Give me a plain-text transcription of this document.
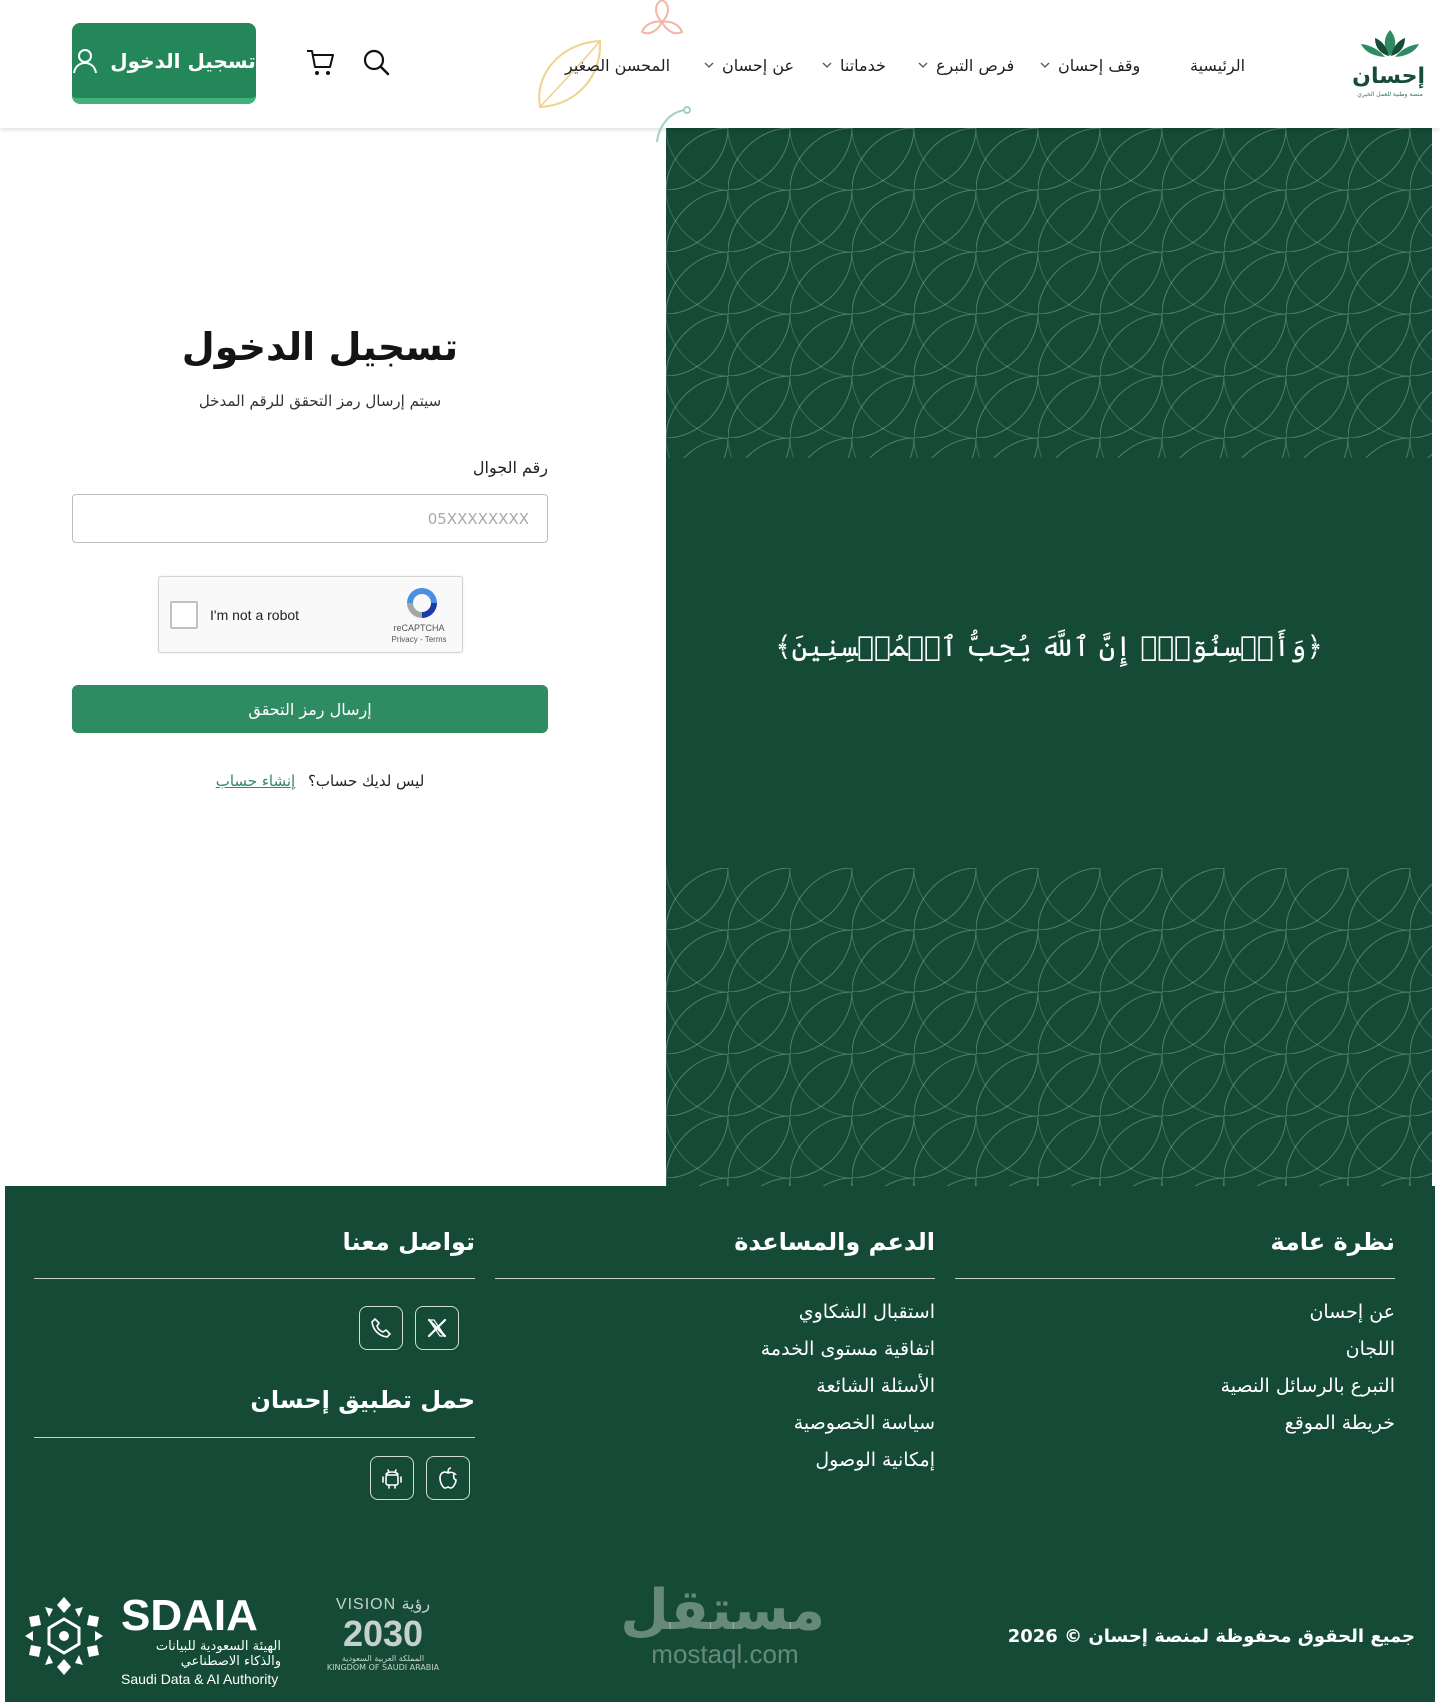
إحسان
منصة وطنية للعمل الخيري
الرئيسية
وقف إحسان
فرص التبرع
خدماتنا
عن إحسان
المحسن الصغير
تسجيل الدخول
تسجيل الدخول

سيتم إرسال رمز التحقق للرقم المدخل

رقم الجوال
05XXXXXXXX
I'm not a robot
reCAPTCHA
Privacy - Terms
إرسال رمز التحقق

ليس لديك حساب؟ إنشاء حساب

﴿وَأَحۡسِنُوٓاْۚ إِنَّ ٱللَّهَ يُحِبُّ ٱلۡمُحۡسِنِينَ﴾
نظرة عامة
عن إحسان
اللجان
التبرع بالرسائل النصية
خريطة الموقع
الدعم والمساعدة
استقبال الشكاوي
اتفاقية مستوى الخدمة
الأسئلة الشائعة
سياسة الخصوصية
إمكانية الوصول
تواصل معنا
حمل تطبيق إحسان
جميع الحقوق محفوظة لمنصة إحسان © 2026
مستقل
mostaql.com
VISION رؤية
2030
المملكة العربية السعودية
KINGDOM OF SAUDI ARABIA
SDAIA
الهيئة السعودية للبيانات
والذكاء الاصطناعي
Saudi Data & AI Authority
